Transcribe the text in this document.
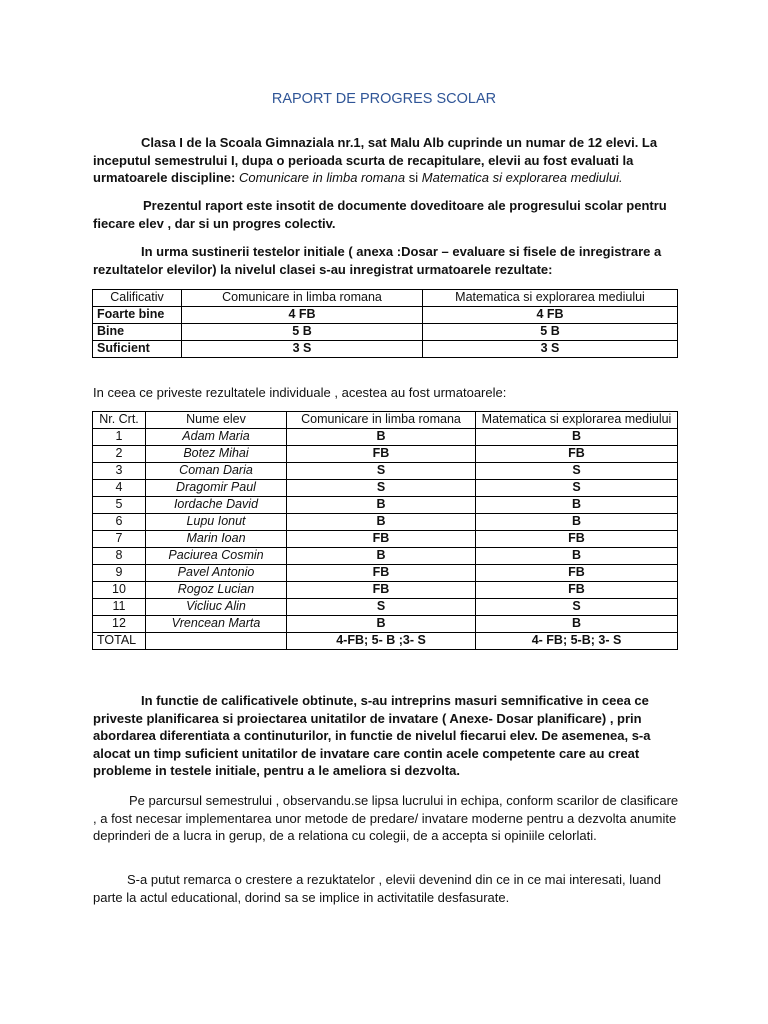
RAPORT DE PROGRES SCOLAR

Clasa I de la Scoala Gimnaziala nr.1, sat Malu Alb cuprinde un numar de 12 elevi. La inceputul semestrului I, dupa o perioada scurta de recapitulare, elevii au fost evaluati la urmatoarele discipline: Comunicare in limba romana si Matematica si explorarea mediului.

Prezentul raport este insotit de documente doveditoare ale progresului scolar pentru fiecare elev , dar si un progres colectiv.

In urma sustinerii testelor initiale ( anexa :Dosar – evaluare si fisele de inregistrare a rezultatelor elevilor) la nivelul clasei s-au inregistrat urmatoarele rezultate:

Calificativ	Comunicare in limba romana	Matematica si explorarea mediului
Foarte bine	4 FB	4 FB
Bine	5 B	5 B
Suficient	3 S	3 S

In ceea ce priveste rezultatele individuale , acestea au fost urmatoarele:

Nr. Crt.	Nume elev	Comunicare in limba romana	Matematica si explorarea mediului
1	Adam Maria	B	B
2	Botez Mihai	FB	FB
3	Coman Daria	S	S
4	Dragomir Paul	S	S
5	Iordache David	B	B
6	Lupu Ionut	B	B
7	Marin Ioan	FB	FB
8	Paciurea Cosmin	B	B
9	Pavel Antonio	FB	FB
10	Rogoz Lucian	FB	FB
11	Vicliuc Alin	S	S
12	Vrencean Marta	B	B
TOTAL		4-FB; 5- B ;3- S	4- FB; 5-B; 3- S

In functie de calificativele obtinute, s-au intreprins masuri semnificative in ceea ce priveste planificarea si proiectarea unitatilor de invatare ( Anexe- Dosar planificare) , prin abordarea diferentiata a continuturilor, in functie de nivelul fiecarui elev. De asemenea, s-a alocat un timp suficient unitatilor de invatare care contin acele competente care au creat probleme in testele initiale, pentru a le ameliora si dezvolta.

Pe parcursul semestrului , observandu.se lipsa lucrului in echipa, conform scarilor de clasificare , a fost necesar implementarea unor metode de predare/ invatare moderne pentru a dezvolta anumite deprinderi de a lucra in gerup, de a relationa cu colegii, de a accepta si opiniile celorlati.

S-a putut remarca o crestere a rezuktatelor , elevii devenind din ce in ce mai interesati, luand parte la actul educational, dorind sa se implice in activitatile desfasurate.
